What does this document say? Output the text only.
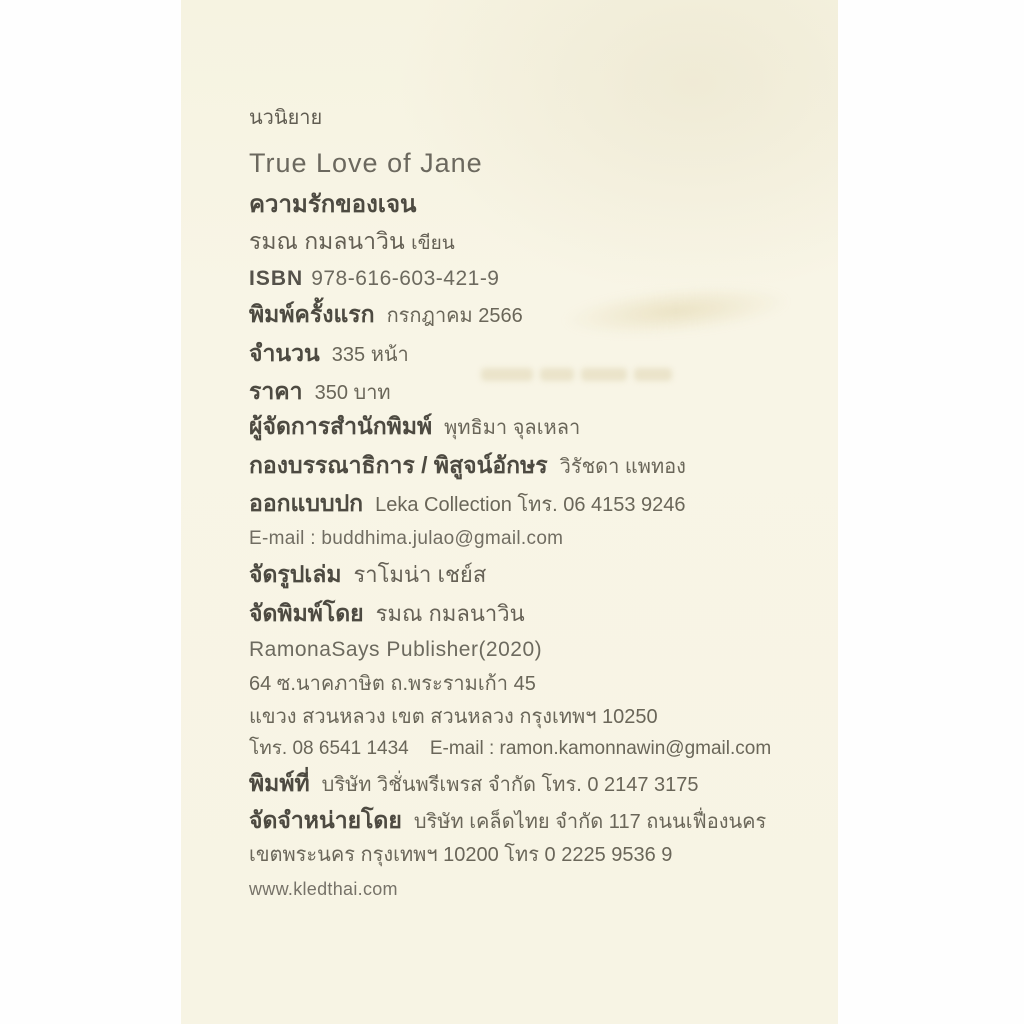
นวนิยาย
True Love of Jane
ความรักของเจน
รมณ กมลนาวิน เขียน
ISBN 978-616-603-421-9
พิมพ์ครั้งแรก กรกฎาคม 2566
จำนวน 335 หน้า
ราคา 350 บาท
ผู้จัดการสำนักพิมพ์ พุทธิมา จุลเหลา
กองบรรณาธิการ / พิสูจน์อักษร วิรัชดา แพทอง
ออกแบบปก Leka Collection โทร. 06 4153 9246
E-mail : buddhima.julao@gmail.com
จัดรูปเล่ม ราโมน่า เชย์ส
จัดพิมพ์โดย รมณ กมลนาวิน
RamonaSays Publisher(2020)
64 ซ.นาคภาษิต ถ.พระรามเก้า 45
แขวง สวนหลวง เขต สวนหลวง กรุงเทพฯ 10250
โทร. 08 6541 1434    E-mail : ramon.kamonnawin@gmail.com
พิมพ์ที่ บริษัท วิชั่นพรีเพรส จำกัด โทร. 0 2147 3175
จัดจำหน่ายโดย บริษัท เคล็ดไทย จำกัด 117 ถนนเฟื่องนคร
เขตพระนคร กรุงเทพฯ 10200 โทร 0 2225 9536 9
www.kledthai.com
